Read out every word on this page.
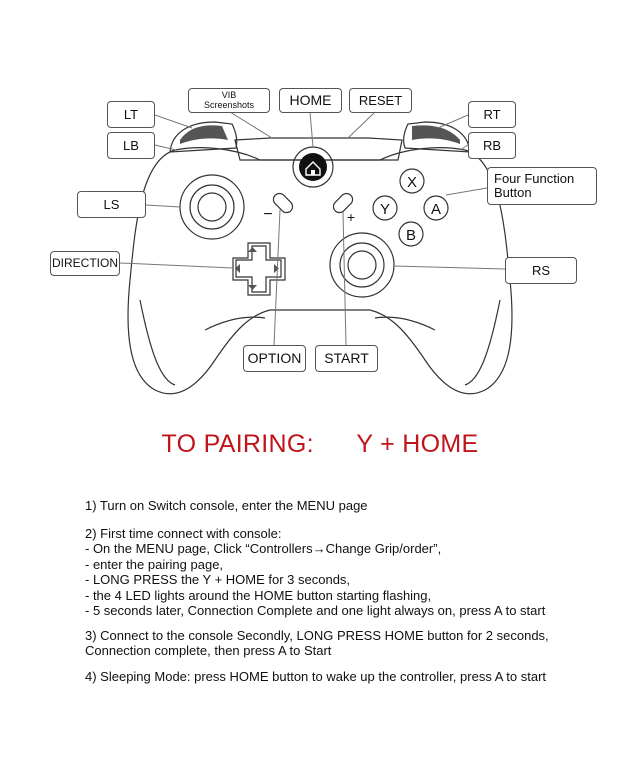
X
Y	A
B
−	+
LT
LB
VIB
Screenshots	HOME RESET
RT
RB
Four Function
Button
LS
DIRECTION	RS
OPTION START
TO PAIRING: Y + HOME

1) Turn on Switch console, enter the MENU page

2) First time connect with console:

- On the MENU page, Click “Controllers→Change Grip/order”,

- enter the pairing page,

- LONG PRESS the Y + HOME for 3 seconds,

- the 4 LED lights around the HOME button starting flashing,

- 5 seconds later, Connection Complete and one light always on, press A to start

3) Connect to the console Secondly, LONG PRESS HOME button for 2 seconds,

Connection complete, then press A to Start

4) Sleeping Mode: press HOME button to wake up the controller, press A to start
